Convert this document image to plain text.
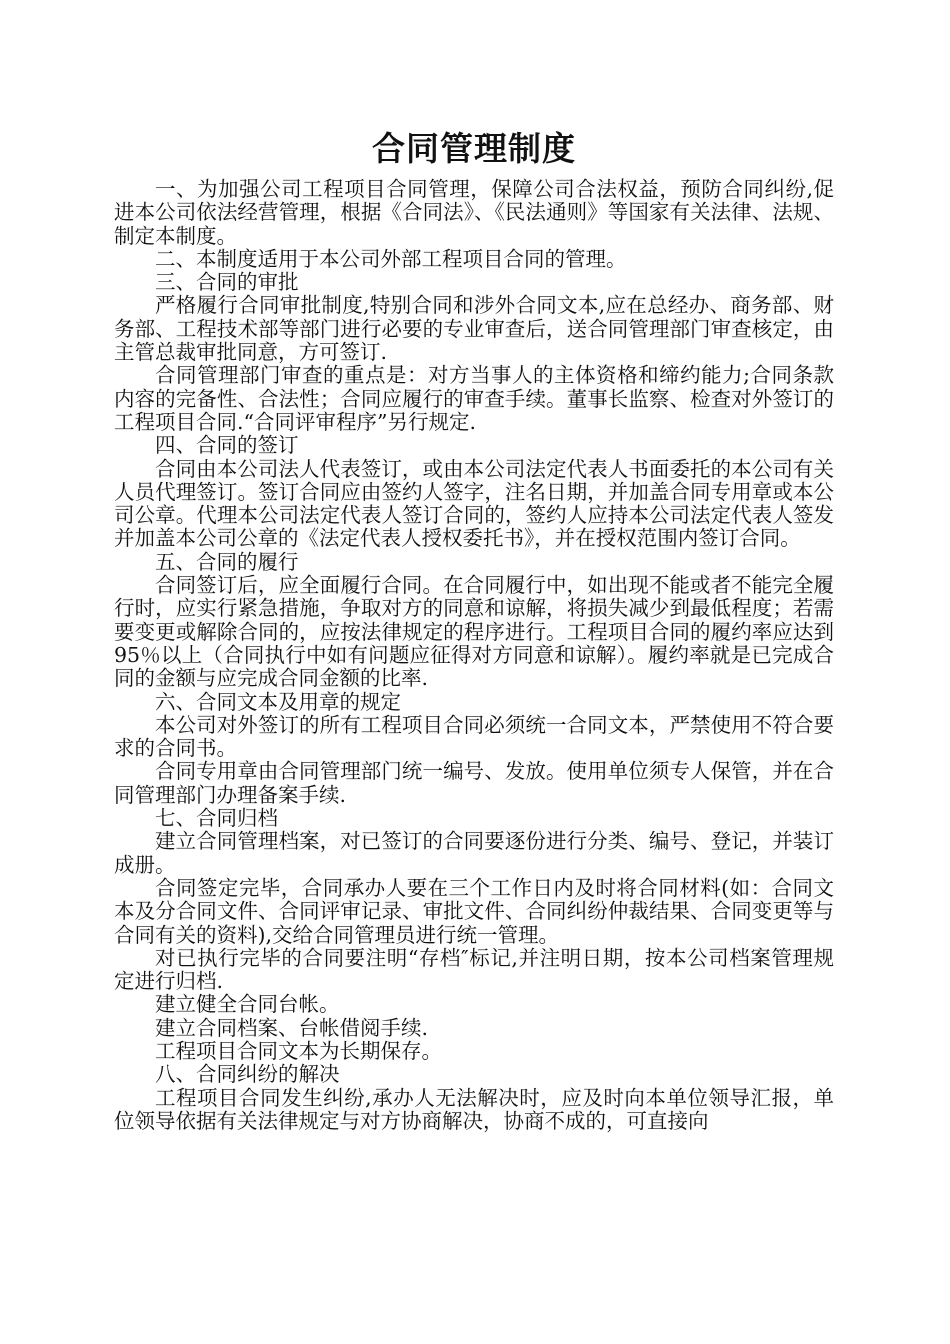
合同管理制度

一、为加强公司工程项目合同管理，保障公司合法权益，预防合同纠纷,促进本公司依法经营管理，根据《合同法》、《民法通则》等国家有关法律、法规、制定本制度。

二、本制度适用于本公司外部工程项目合同的管理。

三、合同的审批

严格履行合同审批制度,特别合同和涉外合同文本,应在总经办、商务部、财务部、工程技术部等部门进行必要的专业审查后，送合同管理部门审查核定，由主管总裁审批同意，方可签订.

合同管理部门审查的重点是：对方当事人的主体资格和缔约能力;合同条款内容的完备性、合法性；合同应履行的审查手续。董事长监察、检查对外签订的工程项目合同.“合同评审程序”另行规定.

四、合同的签订

合同由本公司法人代表签订，或由本公司法定代表人书面委托的本公司有关人员代理签订。签订合同应由签约人签字，注名日期，并加盖合同专用章或本公司公章。代理本公司法定代表人签订合同的，签约人应持本公司法定代表人签发并加盖本公司公章的《法定代表人授权委托书》，并在授权范围内签订合同。

五、合同的履行

合同签订后，应全面履行合同。在合同履行中，如出现不能或者不能完全履行时，应实行紧急措施，争取对方的同意和谅解，将损失减少到最低程度；若需要变更或解除合同的，应按法律规定的程序进行。工程项目合同的履约率应达到95％以上（合同执行中如有问题应征得对方同意和谅解）。履约率就是已完成合同的金额与应完成合同金额的比率.

六、合同文本及用章的规定

本公司对外签订的所有工程项目合同必须统一合同文本，严禁使用不符合要求的合同书。

合同专用章由合同管理部门统一编号、发放。使用单位须专人保管，并在合同管理部门办理备案手续.

七、合同归档

建立合同管理档案，对已签订的合同要逐份进行分类、编号、登记，并装订成册。

合同签定完毕，合同承办人要在三个工作日内及时将合同材料(如：合同文本及分合同文件、合同评审记录、审批文件、合同纠纷仲裁结果、合同变更等与合同有关的资料),交给合同管理员进行统一管理。

对已执行完毕的合同要注明“存档″标记,并注明日期，按本公司档案管理规定进行归档.

建立健全合同台帐。

建立合同档案、台帐借阅手续.

工程项目合同文本为长期保存。

八、合同纠纷的解决

工程项目合同发生纠纷,承办人无法解决时，应及时向本单位领导汇报，单位领导依据有关法律规定与对方协商解决，协商不成的，可直接向
